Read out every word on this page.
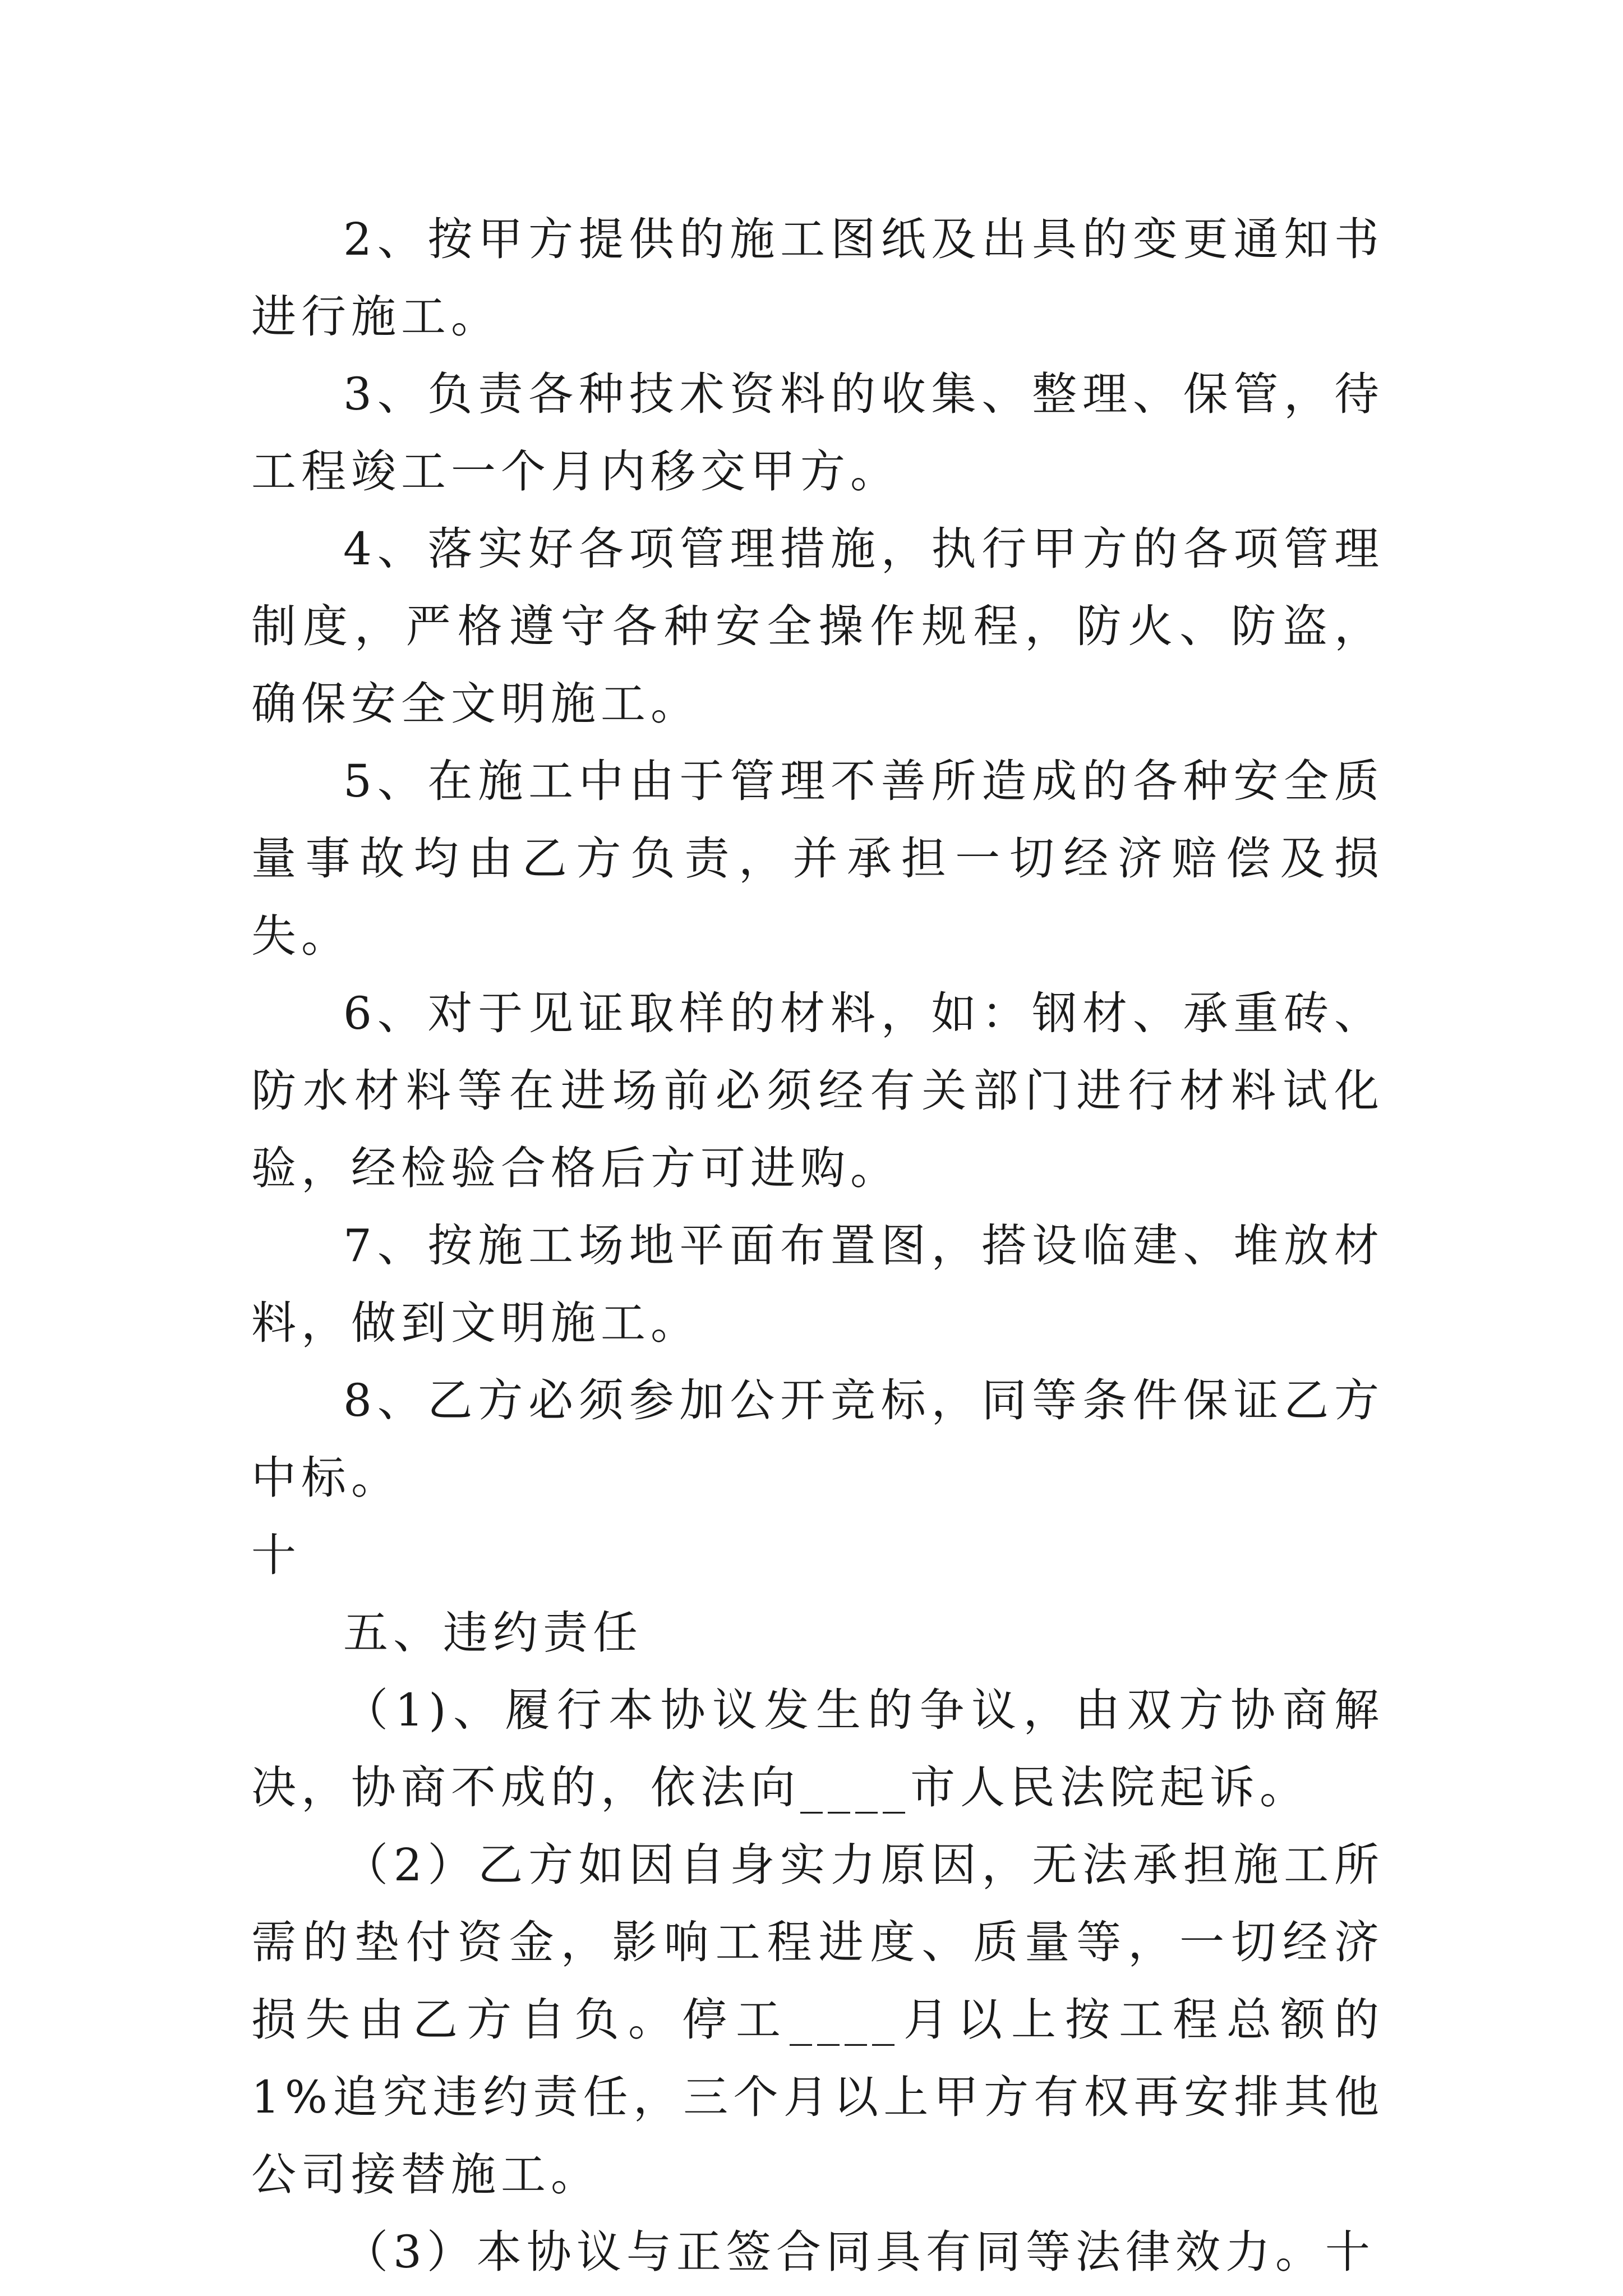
2、按甲方提供的施工图纸及出具的变更通知书进行施工。

3、负责各种技术资料的收集、整理、保管，待工程竣工一个月内移交甲方。

4、落实好各项管理措施，执行甲方的各项管理制度，严格遵守各种安全操作规程，防火、防盗，确保安全文明施工。

5、在施工中由于管理不善所造成的各种安全质量事故均由乙方负责，并承担一切经济赔偿及损失。

6、对于见证取样的材料，如：钢材、承重砖、防水材料等在进场前必须经有关部门进行材料试化验，经检验合格后方可进购。

7、按施工场地平面布置图，搭设临建、堆放材料，做到文明施工。

8、乙方必须参加公开竞标，同等条件保证乙方中标。

十

五、违约责任

（1)、履行本协议发生的争议，由双方协商解决，协商不成的，依法向____市人民法院起诉。

（2）乙方如因自身实力原因，无法承担施工所需的垫付资金，影响工程进度、质量等，一切经济损失由乙方自负。停工____月以上按工程总额的1%追究违约责任，三个月以上甲方有权再安排其他公司接替施工。

（3）本协议与正签合同具有同等法律效力。十
